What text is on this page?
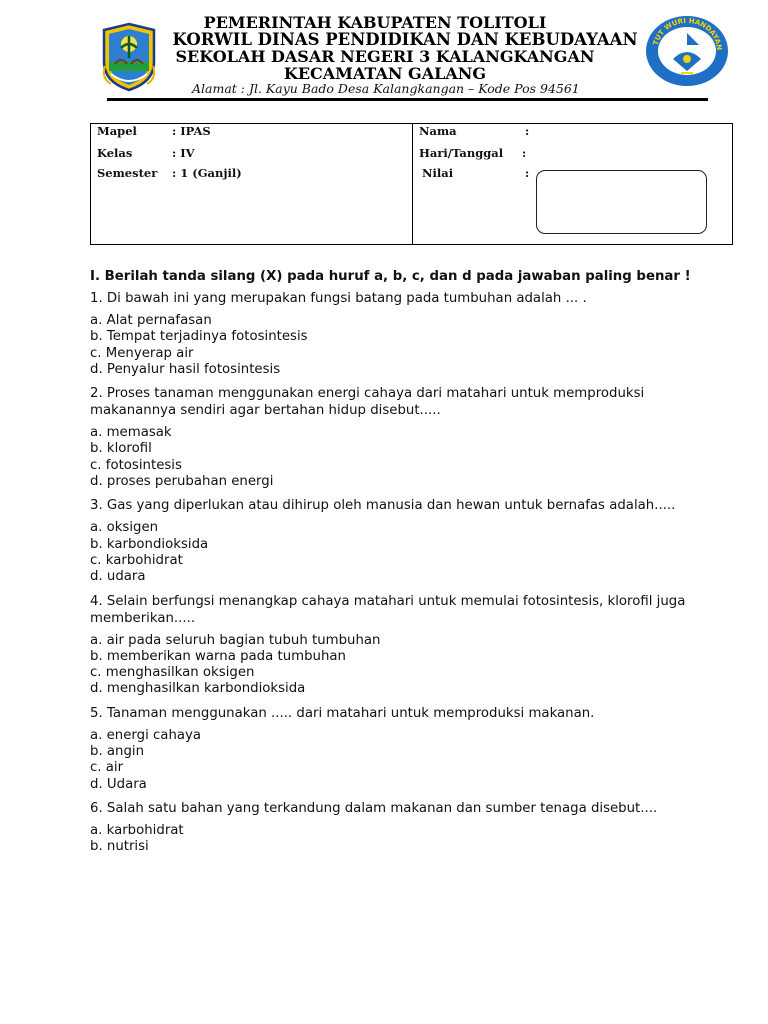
TUT WURI HANDAYAN
PEMERINTAH KABUPATEN TOLITOLI
KORWIL DINAS PENDIDIKAN DAN KEBUDAYAAN
SEKOLAH DASAR NEGERI 3 KALANGKANGAN
KECAMATAN GALANG
Alamat : Jl. Kayu Bado Desa Kalangkangan – Kode Pos 94561
Mapel	: IPAS
Kelas	: IV
Semester : 1 (Ganjil)
Nama	:
Hari/Tanggal :
Nilai	:
I. Berilah tanda silang (X) pada huruf a, b, c, dan d pada jawaban paling benar !
1. Di bawah ini yang merupakan fungsi batang pada tumbuhan adalah ... .
a. Alat pernafasan
b. Tempat terjadinya fotosintesis
c. Menyerap air
d. Penyalur hasil fotosintesis
2. Proses tanaman menggunakan energi cahaya dari matahari untuk memproduksi makanannya sendiri agar bertahan hidup disebut.....
a. memasak
b. klorofil
c. fotosintesis
d. proses perubahan energi
3. Gas yang diperlukan atau dihirup oleh manusia dan hewan untuk bernafas adalah.....
a. oksigen
b. karbondioksida
c. karbohidrat
d. udara
4. Selain berfungsi menangkap cahaya matahari untuk memulai fotosintesis, klorofil juga memberikan.....
a. air pada seluruh bagian tubuh tumbuhan
b. memberikan warna pada tumbuhan
c. menghasilkan oksigen
d. menghasilkan karbondioksida
5. Tanaman menggunakan ..... dari matahari untuk memproduksi makanan.
a. energi cahaya
b. angin
c. air
d. Udara
6. Salah satu bahan yang terkandung dalam makanan dan sumber tenaga disebut....
a. karbohidrat
b. nutrisi
